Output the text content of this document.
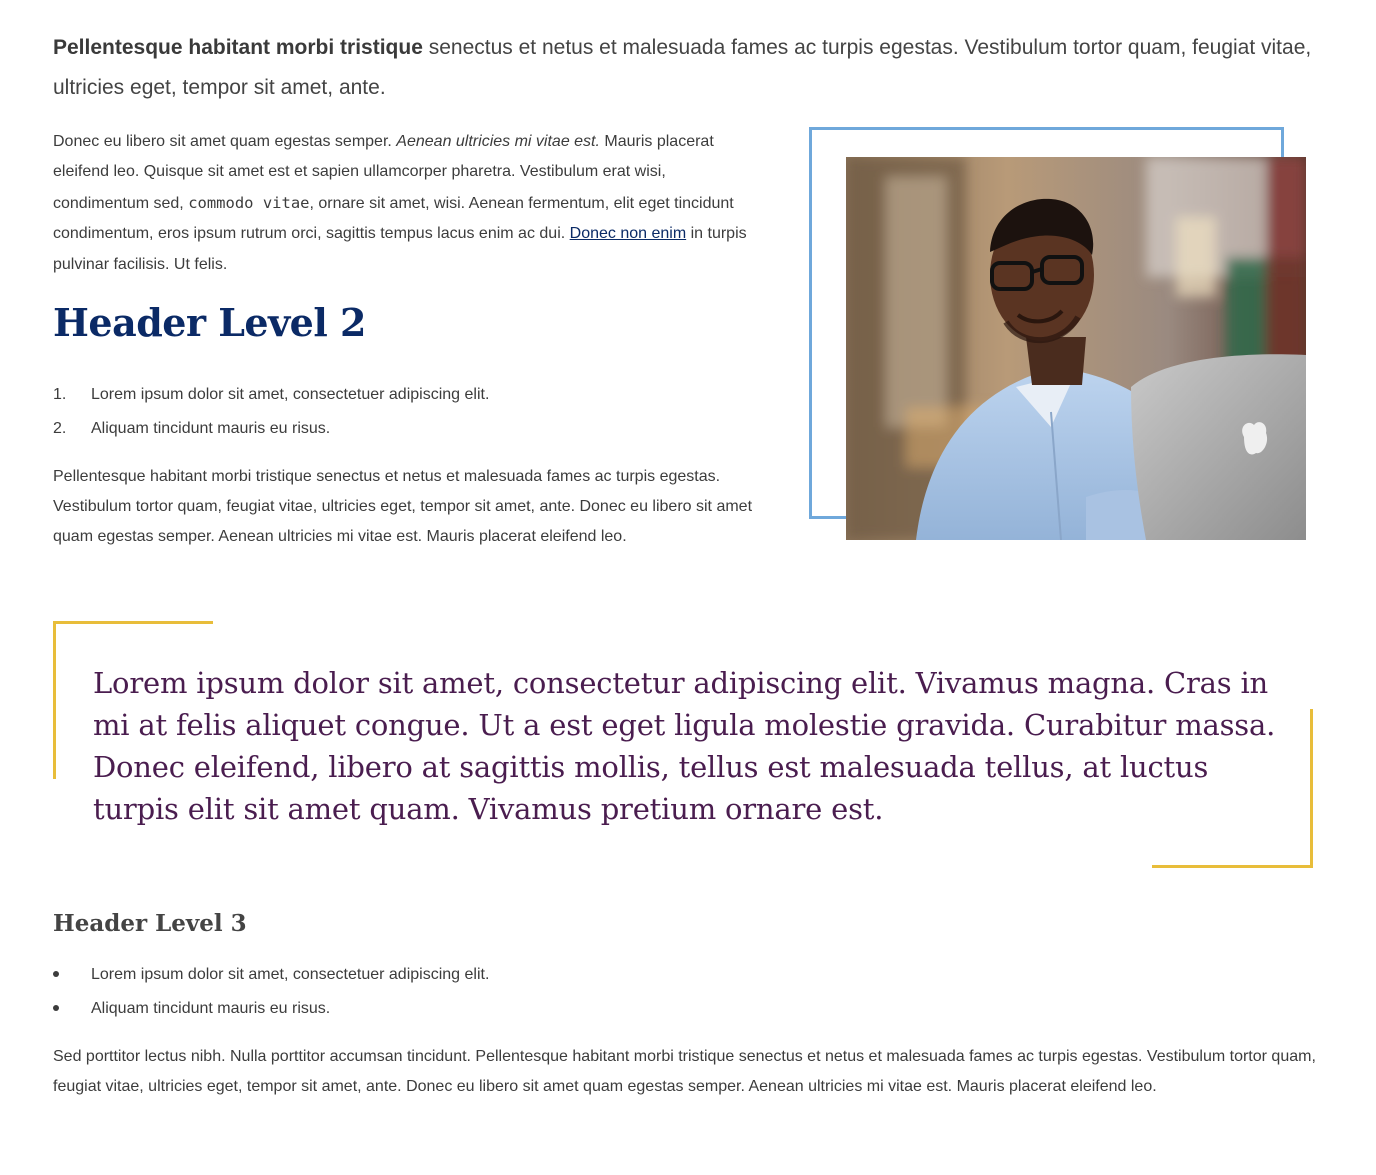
Pellentesque habitant morbi tristique senectus et netus et malesuada fames ac turpis egestas. Vestibulum tortor quam, feugiat vitae, ultricies eget, tempor sit amet, ante.

Donec eu libero sit amet quam egestas semper. Aenean ultricies mi vitae est. Mauris placerat eleifend leo. Quisque sit amet est et sapien ullamcorper pharetra. Vestibulum erat wisi, condimentum sed, commodo vitae, ornare sit amet, wisi. Aenean fermentum, elit eget tincidunt condimentum, eros ipsum rutrum orci, sagittis tempus lacus enim ac dui. Donec non enim in turpis pulvinar facilisis. Ut felis.

Header Level 2
1. Lorem ipsum dolor sit amet, consectetuer adipiscing elit.
2. Aliquam tincidunt mauris eu risus.

Pellentesque habitant morbi tristique senectus et netus et malesuada fames ac turpis egestas. Vestibulum tortor quam, feugiat vitae, ultricies eget, tempor sit amet, ante. Donec eu libero sit amet quam egestas semper. Aenean ultricies mi vitae est. Mauris placerat eleifend leo.

Lorem ipsum dolor sit amet, consectetur adipiscing elit. Vivamus magna. Cras in mi at felis aliquet congue. Ut a est eget ligula molestie gravida. Curabitur massa. Donec eleifend, libero at sagittis mollis, tellus est malesuada tellus, at luctus turpis elit sit amet quam. Vivamus pretium ornare est.
Header Level 3
Lorem ipsum dolor sit amet, consectetuer adipiscing elit.
Aliquam tincidunt mauris eu risus.

Sed porttitor lectus nibh. Nulla porttitor accumsan tincidunt. Pellentesque habitant morbi tristique senectus et netus et malesuada fames ac turpis egestas. Vestibulum tortor quam, feugiat vitae, ultricies eget, tempor sit amet, ante. Donec eu libero sit amet quam egestas semper. Aenean ultricies mi vitae est. Mauris placerat eleifend leo.
